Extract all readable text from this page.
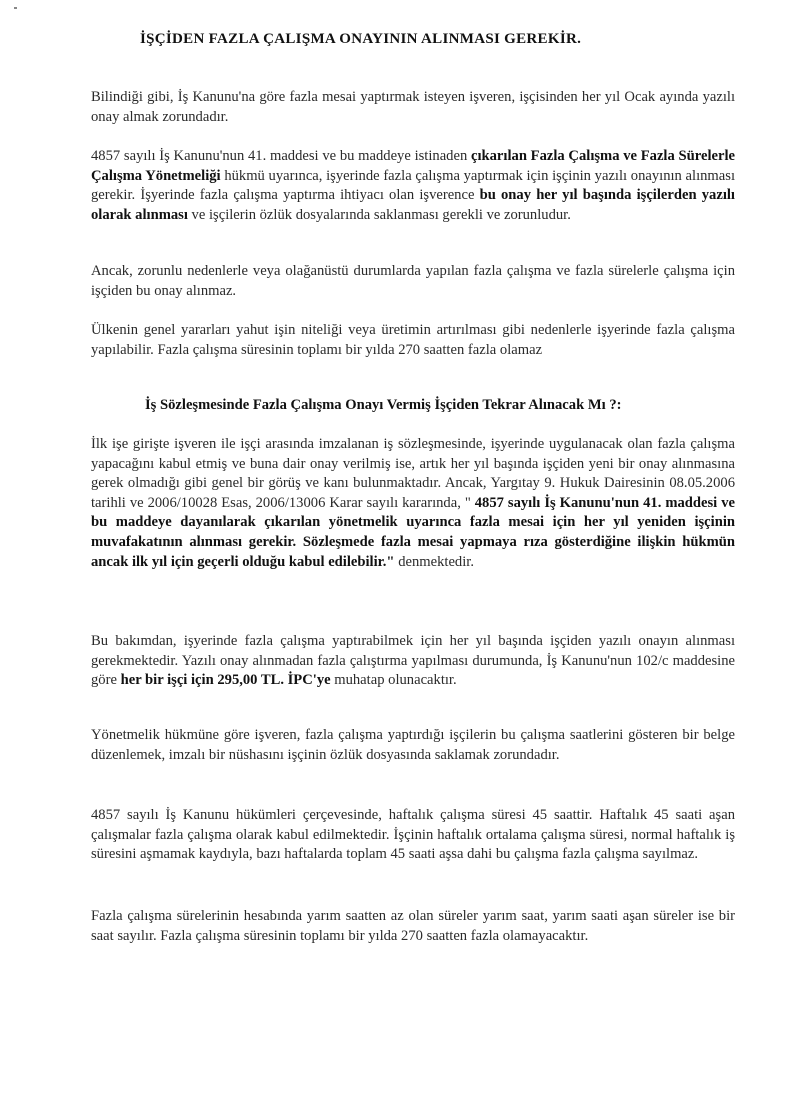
İŞÇİDEN FAZLA ÇALIŞMA ONAYININ ALINMASI GEREKİR.

Bilindiği gibi, İş Kanunu'na göre fazla mesai yaptırmak isteyen işveren, işçisinden her yıl Ocak ayında yazılı onay almak zorundadır.

4857 sayılı İş Kanunu'nun 41. maddesi ve bu maddeye istinaden çıkarılan Fazla Çalışma ve Fazla Sürelerle Çalışma Yönetmeliği hükmü uyarınca, işyerinde fazla çalışma yaptırmak için işçinin yazılı onayının alınması gerekir. İşyerinde fazla çalışma yaptırma ihtiyacı olan işverence bu onay her yıl başında işçilerden yazılı olarak alınması ve işçilerin özlük dosyalarında saklanması gerekli ve zorunludur.

Ancak, zorunlu nedenlerle veya olağanüstü durumlarda yapılan fazla çalışma ve fazla sürelerle çalışma için işçiden bu onay alınmaz.

Ülkenin genel yararları yahut işin niteliği veya üretimin artırılması gibi nedenlerle işyerinde fazla çalışma yapılabilir. Fazla çalışma süresinin toplamı bir yılda 270 saatten fazla olamaz

İş Sözleşmesinde Fazla Çalışma Onayı Vermiş İşçiden Tekrar Alınacak Mı ?:

İlk işe girişte işveren ile işçi arasında imzalanan iş sözleşmesinde, işyerinde uygulanacak olan fazla çalışma yapacağını kabul etmiş ve buna dair onay verilmiş ise, artık her yıl başında işçiden yeni bir onay alınmasına gerek olmadığı gibi genel bir görüş ve kanı bulunmaktadır. Ancak, Yargıtay 9. Hukuk Dairesinin 08.05.2006 tarihli ve 2006/10028 Esas, 2006/13006 Karar sayılı kararında, " 4857 sayılı İş Kanunu'nun 41. maddesi ve bu maddeye dayanılarak çıkarılan yönetmelik uyarınca fazla mesai için her yıl yeniden işçinin muvafakatının alınması gerekir. Sözleşmede fazla mesai yapmaya rıza gösterdiğine ilişkin hükmün ancak ilk yıl için geçerli olduğu kabul edilebilir." denmektedir.

Bu bakımdan, işyerinde fazla çalışma yaptırabilmek için her yıl başında işçiden yazılı onayın alınması gerekmektedir. Yazılı onay alınmadan fazla çalıştırma yapılması durumunda, İş Kanunu'nun 102/c maddesine göre her bir işçi için 295,00 TL. İPC'ye muhatap olunacaktır.

Yönetmelik hükmüne göre işveren, fazla çalışma yaptırdığı işçilerin bu çalışma saatlerini gösteren bir belge düzenlemek, imzalı bir nüshasını işçinin özlük dosyasında saklamak zorundadır.

4857 sayılı İş Kanunu hükümleri çerçevesinde, haftalık çalışma süresi 45 saattir. Haftalık 45 saati aşan çalışmalar fazla çalışma olarak kabul edilmektedir. İşçinin haftalık ortalama çalışma süresi, normal haftalık iş süresini aşmamak kaydıyla, bazı haftalarda toplam 45 saati aşsa dahi bu çalışma fazla çalışma sayılmaz.

Fazla çalışma sürelerinin hesabında yarım saatten az olan süreler yarım saat, yarım saati aşan süreler ise bir saat sayılır. Fazla çalışma süresinin toplamı bir yılda 270 saatten fazla olamayacaktır.
